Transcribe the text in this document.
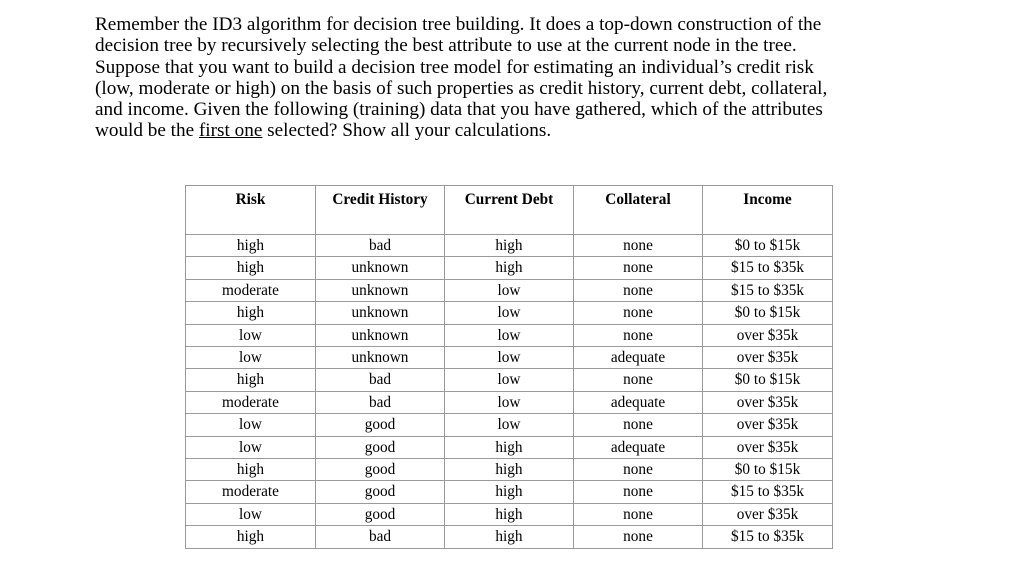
Remember the ID3 algorithm for decision tree building. It does a top-down construction of the
decision tree by recursively selecting the best attribute to use at the current node in the tree.
Suppose that you want to build a decision tree model for estimating an individual’s credit risk
(low, moderate or high) on the basis of such properties as credit history, current debt, collateral,
and income. Given the following (training) data that you have gathered, which of the attributes
would be the first one selected? Show all your calculations.

Risk	Credit History	Current Debt	Collateral	Income
high	bad	high	none	$0 to $15k
high	unknown	high	none	$15 to $35k
moderate	unknown	low	none	$15 to $35k
high	unknown	low	none	$0 to $15k
low	unknown	low	none	over $35k
low	unknown	low	adequate	over $35k
high	bad	low	none	$0 to $15k
moderate	bad	low	adequate	over $35k
low	good	low	none	over $35k
low	good	high	adequate	over $35k
high	good	high	none	$0 to $15k
moderate	good	high	none	$15 to $35k
low	good	high	none	over $35k
high	bad	high	none	$15 to $35k
